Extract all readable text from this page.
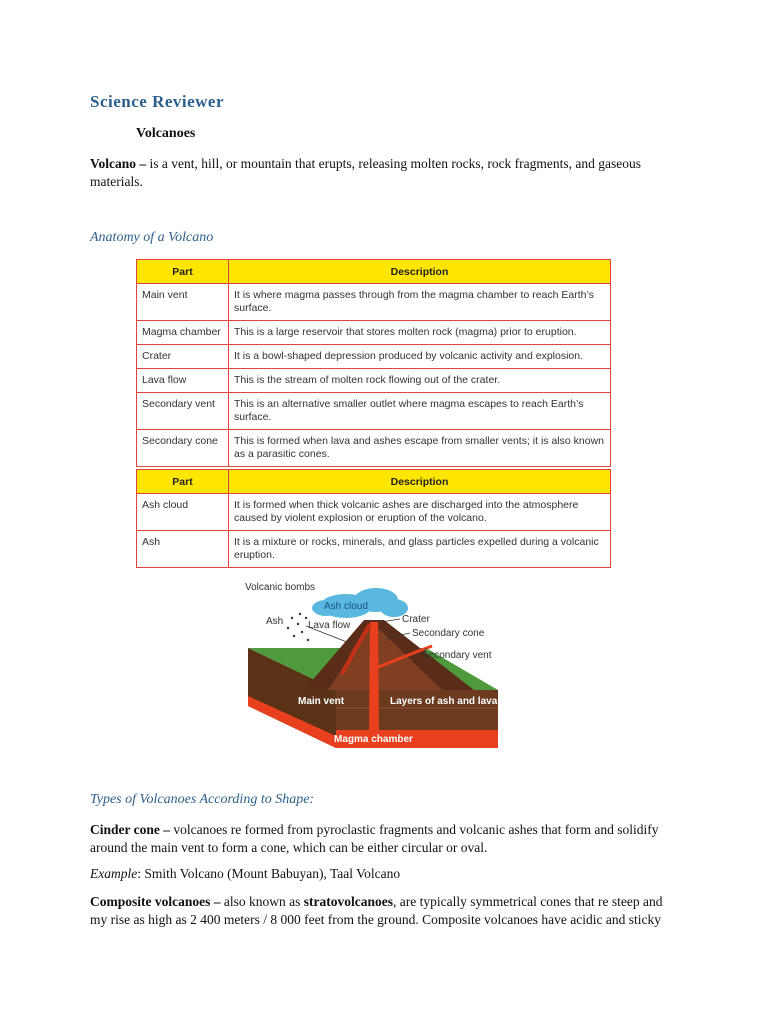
Science Reviewer
Volcanoes
Volcano – is a vent, hill, or mountain that erupts, releasing molten rocks, rock fragments, and gaseous materials.
Anatomy of a Volcano
Part	Description
Main vent	It is where magma passes through from the magma chamber to reach Earth’s surface.
Magma chamber	This is a large reservoir that stores molten rock (magma) prior to eruption.
Crater	It is a bowl-shaped depression produced by volcanic activity and explosion.
Lava flow	This is the stream of molten rock flowing out of the crater.
Secondary vent	This is an alternative smaller outlet where magma escapes to reach Earth’s surface.
Secondary cone	This is formed when lava and ashes escape from smaller vents; it is also known as a parasitic cones.
Part	Description
Ash cloud	It is formed when thick volcanic ashes are discharged into the atmosphere caused by violent explosion or eruption of the volcano.
Ash	It is a mixture or rocks, minerals, and glass particles expelled during a volcanic eruption.
Volcanic bombs
Ash cloud
Ash Lava flow
Crater
Secondary cone
Secondary vent
Main vent	Layers of ash and lava
Magma chamber
Types of Volcanoes According to Shape:
Cinder cone – volcanoes re formed from pyroclastic fragments and volcanic ashes that form and solidify around the main vent to form a cone, which can be either circular or oval.
Example: Smith Volcano (Mount Babuyan), Taal Volcano
Composite volcanoes – also known as stratovolcanoes, are typically symmetrical cones that re steep and my rise as high as 2 400 meters / 8 000 feet from the ground. Composite volcanoes have acidic and sticky
